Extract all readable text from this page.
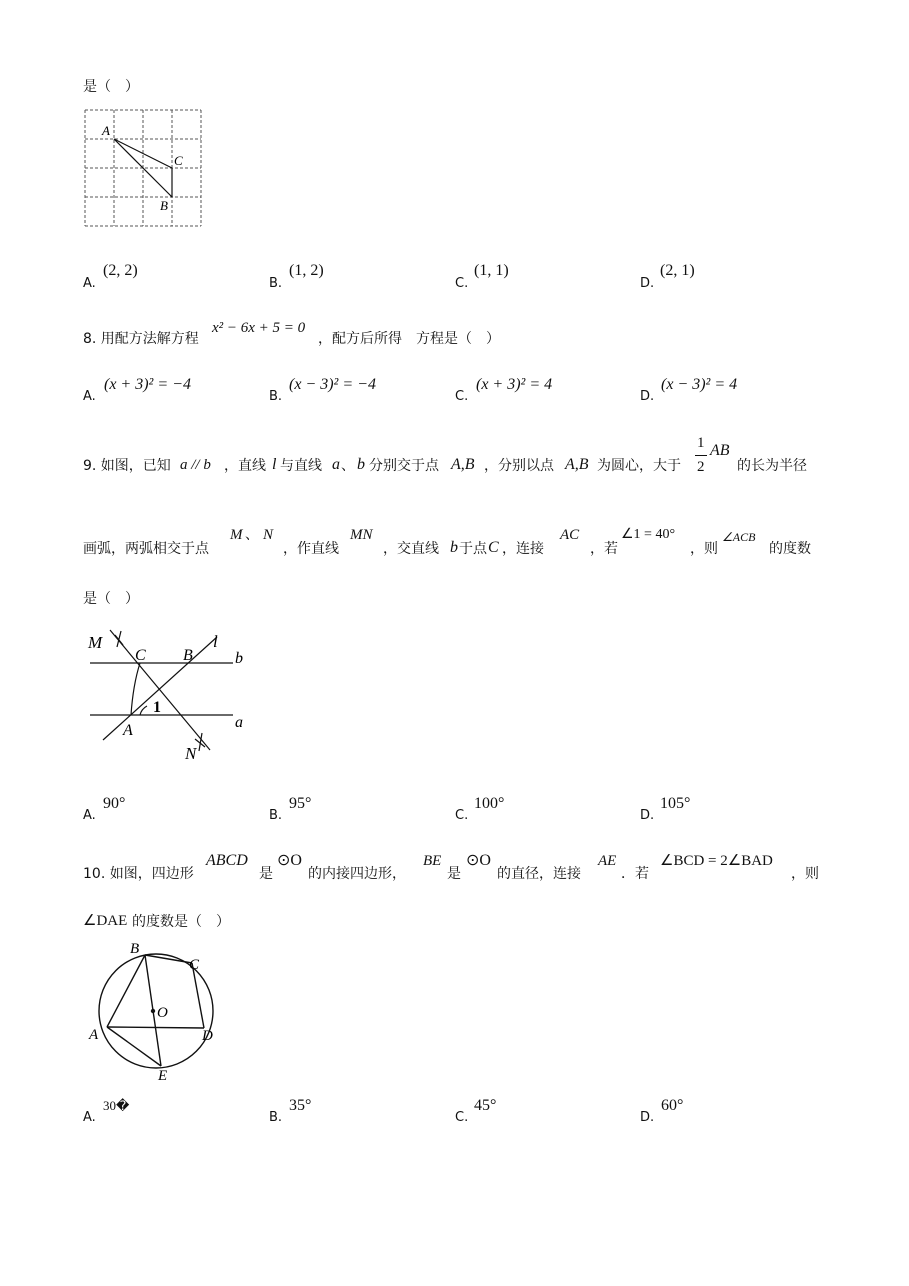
是（　）
A
C
B
A.
(2, 2)
B.
(1, 2)
C.
(1, 1)
D.
(2, 1)
8. 用配方法解方程
x² − 6x + 5 = 0
，配方后所得　方程是（　）
A.
(x + 3)² = −4
B.
(x − 3)² = −4
C.
(x + 3)² = 4
D.
(x − 3)² = 4
9. 如图，已知 a // b ，直线 l 与直线 a 、 b 分别交于点 A,B ，分别以点 A,B 为圆心，大于
1
2
AB
的长为半径
画弧，两弧相交于点
M 、 N
，作直线
MN
，交直线 b 于点 C ，连接
AC
，若
∠1 = 40°
，则
∠ACB
的度数
是（　）
M
C B
l
b
1
A	a
N
A.
90°
B.
95°
C.
100°
D.
105°
10. 如图，四边形
ABCD
是
⊙O
的内接四边形，
BE
是
⊙O
的直径，连接
AE
．若
∠BCD = 2∠BAD
，则
∠DAE 的度数是（　）
B
C
O
A	D
E
A.
30�
B.
35°
C.
45°
D.
60°
